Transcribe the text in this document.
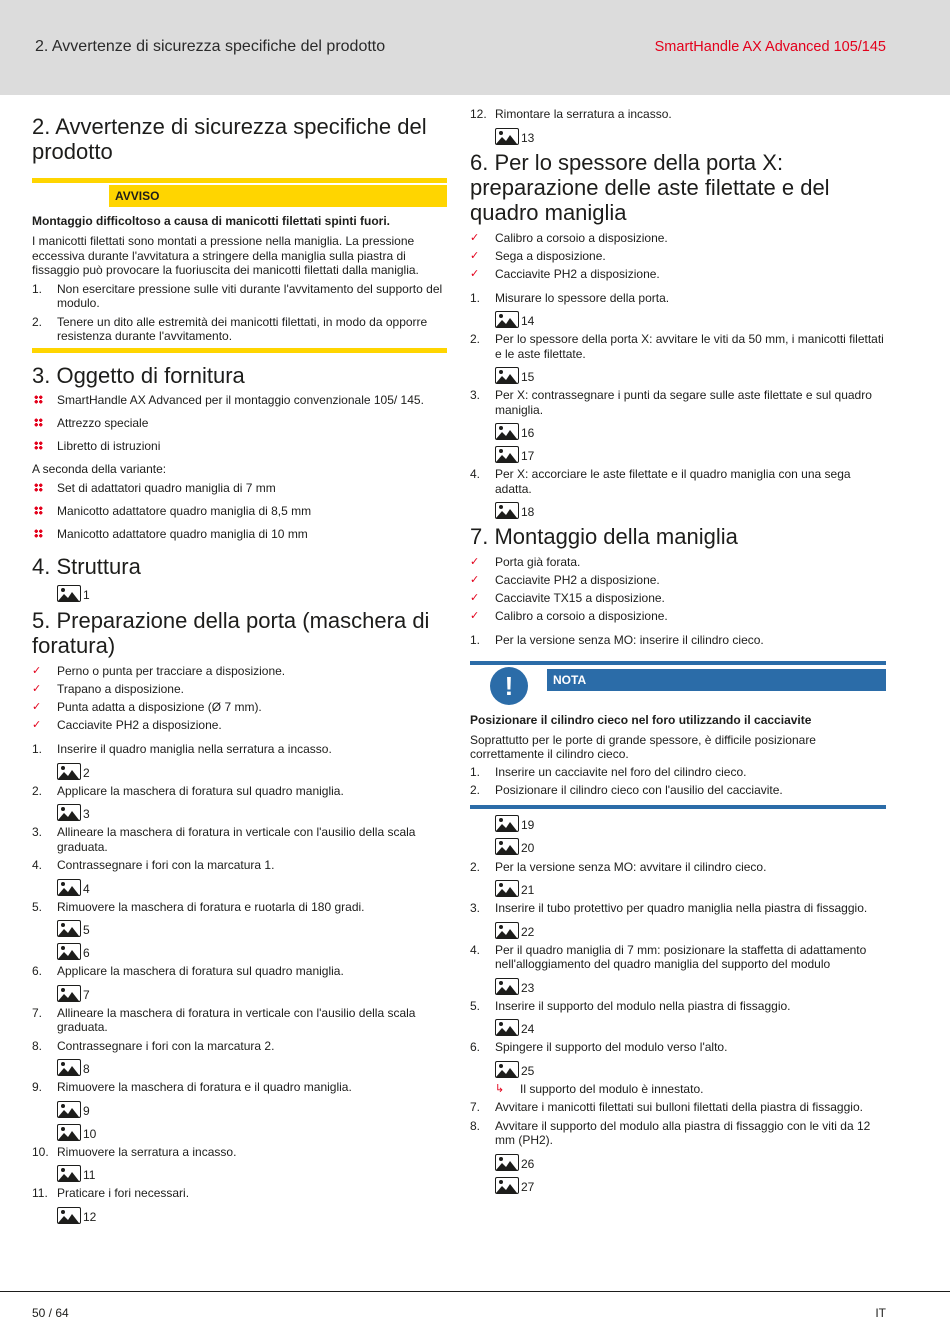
2. Avvertenze di sicurezza specifiche del prodotto	SmartHandle AX Advanced 105/145
2. Avvertenze di sicurezza specifiche del prodotto
AVVISO

Montaggio difficoltoso a causa di manicotti filettati spinti fuori.

I manicotti filettati sono montati a pressione nella maniglia. La pressione eccessiva durante l'avvitatura a stringere della maniglia sulla piastra di fissaggio può provocare la fuoriuscita dei manicotti filettati dalla maniglia.

1. Non esercitare pressione sulle viti durante l'avvitamento del supporto del modulo.
2. Tenere un dito alle estremità dei manicotti filettati, in modo da opporre resistenza durante l'avvitamento.
3. Oggetto di fornitura
SmartHandle AX Advanced per il montaggio convenzionale 105/ 145.
Attrezzo speciale
Libretto di istruzioni

A seconda della variante:

Set di adattatori quadro maniglia di 7 mm
Manicotto adattatore quadro maniglia di 8,5 mm
Manicotto adattatore quadro maniglia di 10 mm
4. Struttura
1
5. Preparazione della porta (maschera di foratura)
✓ Perno o punta per tracciare a disposizione.
✓ Trapano a disposizione.
✓ Punta adatta a disposizione (Ø 7 mm).
✓ Cacciavite PH2 a disposizione.
1. Inserire il quadro maniglia nella serratura a incasso.
2
2. Applicare la maschera di foratura sul quadro maniglia.
3
3. Allineare la maschera di foratura in verticale con l'ausilio della scala graduata.
4. Contrassegnare i fori con la marcatura 1.
4
5. Rimuovere la maschera di foratura e ruotarla di 180 gradi.
5
6
6. Applicare la maschera di foratura sul quadro maniglia.
7
7. Allineare la maschera di foratura in verticale con l'ausilio della scala graduata.
8. Contrassegnare i fori con la marcatura 2.
8
9. Rimuovere la maschera di foratura e il quadro maniglia.
9
10
10. Rimuovere la serratura a incasso.
11
11. Praticare i fori necessari.
12
12. Rimontare la serratura a incasso.
13
6. Per lo spessore della porta X: preparazione delle aste filettate e del quadro maniglia
✓ Calibro a corsoio a disposizione.
✓ Sega a disposizione.
✓ Cacciavite PH2 a disposizione.
1. Misurare lo spessore della porta.
14
2. Per lo spessore della porta X: avvitare le viti da 50 mm, i manicotti filettati e le aste filettate.
15
3. Per X: contrassegnare i punti da segare sulle aste filettate e sul quadro maniglia.
16
17
4. Per X: accorciare le aste filettate e il quadro maniglia con una sega adatta.
18
7. Montaggio della maniglia
✓ Porta già forata.
✓ Cacciavite PH2 a disposizione.
✓ Cacciavite TX15 a disposizione.
✓ Calibro a corsoio a disposizione.
1. Per la versione senza MO: inserire il cilindro cieco.
!	NOTA

Posizionare il cilindro cieco nel foro utilizzando il cacciavite

Soprattutto per le porte di grande spessore, è difficile posizionare correttamente il cilindro cieco.

1. Inserire un cacciavite nel foro del cilindro cieco.
2. Posizionare il cilindro cieco con l'ausilio del cacciavite.
19
20
2. Per la versione senza MO: avvitare il cilindro cieco.
21
3. Inserire il tubo protettivo per quadro maniglia nella piastra di fissaggio.
22
4. Per il quadro maniglia di 7 mm: posizionare la staffetta di adattamento nell'alloggiamento del quadro maniglia del supporto del modulo
23
5. Inserire il supporto del modulo nella piastra di fissaggio.
24
6. Spingere il supporto del modulo verso l'alto.
25
↳ Il supporto del modulo è innestato.
7. Avvitare i manicotti filettati sui bulloni filettati della piastra di fissaggio.
8. Avvitare il supporto del modulo alla piastra di fissaggio con le viti da 12 mm (PH2).
26
27
50 / 64	IT
